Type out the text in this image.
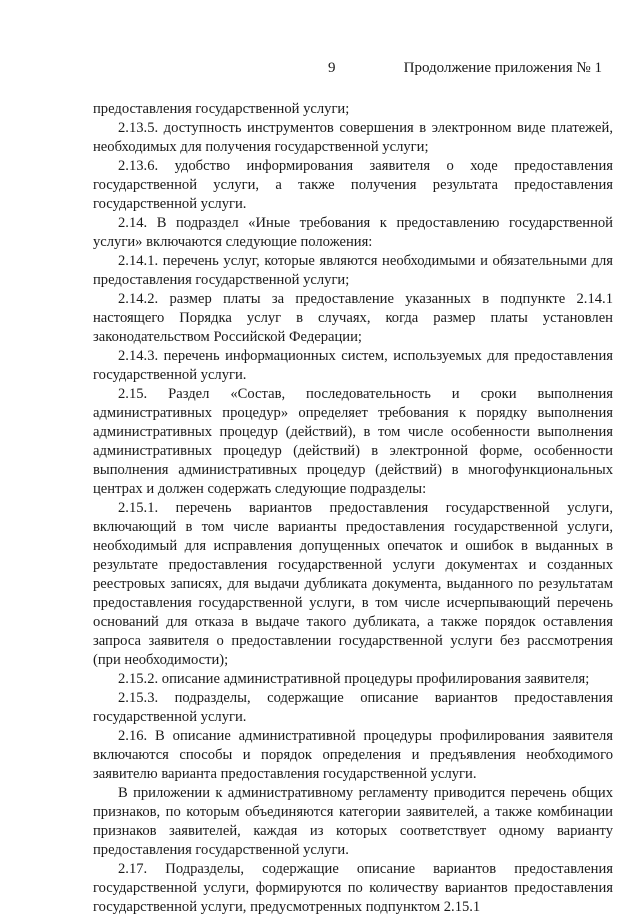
9	Продолжение приложения № 1

предоставления государственной услуги;

2.13.5. доступность инструментов совершения в электронном виде платежей, необходимых для получения государственной услуги;

2.13.6. удобство информирования заявителя о ходе предоставления государственной услуги, а также получения результата предоставления государственной услуги.

2.14. В подраздел «Иные требования к предоставлению государственной услуги» включаются следующие положения:

2.14.1. перечень услуг, которые являются необходимыми и обязательными для предоставления государственной услуги;

2.14.2. размер платы за предоставление указанных в подпункте 2.14.1 настоящего Порядка услуг в случаях, когда размер платы установлен законодательством Российской Федерации;

2.14.3. перечень информационных систем, используемых для предоставления государственной услуги.

2.15. Раздел «Состав, последовательность и сроки выполнения административных процедур» определяет требования к порядку выполнения административных процедур (действий), в том числе особенности выполнения административных процедур (действий) в электронной форме, особенности выполнения административных процедур (действий) в многофункциональных центрах и должен содержать следующие подразделы:

2.15.1. перечень вариантов предоставления государственной услуги, включающий в том числе варианты предоставления государственной услуги, необходимый для исправления допущенных опечаток и ошибок в выданных в результате предоставления государственной услуги документах и созданных реестровых записях, для выдачи дубликата документа, выданного по результатам предоставления государственной услуги, в том числе исчерпывающий перечень оснований для отказа в выдаче такого дубликата, а также порядок оставления запроса заявителя о предоставлении государственной услуги без рассмотрения (при необходимости);

2.15.2. описание административной процедуры профилирования заявителя;

2.15.3. подразделы, содержащие описание вариантов предоставления государственной услуги.

2.16. В описание административной процедуры профилирования заявителя включаются способы и порядок определения и предъявления необходимого заявителю варианта предоставления государственной услуги.

В приложении к административному регламенту приводится перечень общих признаков, по которым объединяются категории заявителей, а также комбинации признаков заявителей, каждая из которых соответствует одному варианту предоставления государственной услуги.

2.17. Подразделы, содержащие описание вариантов предоставления государственной услуги, формируются по количеству вариантов предоставления государственной услуги, предусмотренных подпунктом 2.15.1
